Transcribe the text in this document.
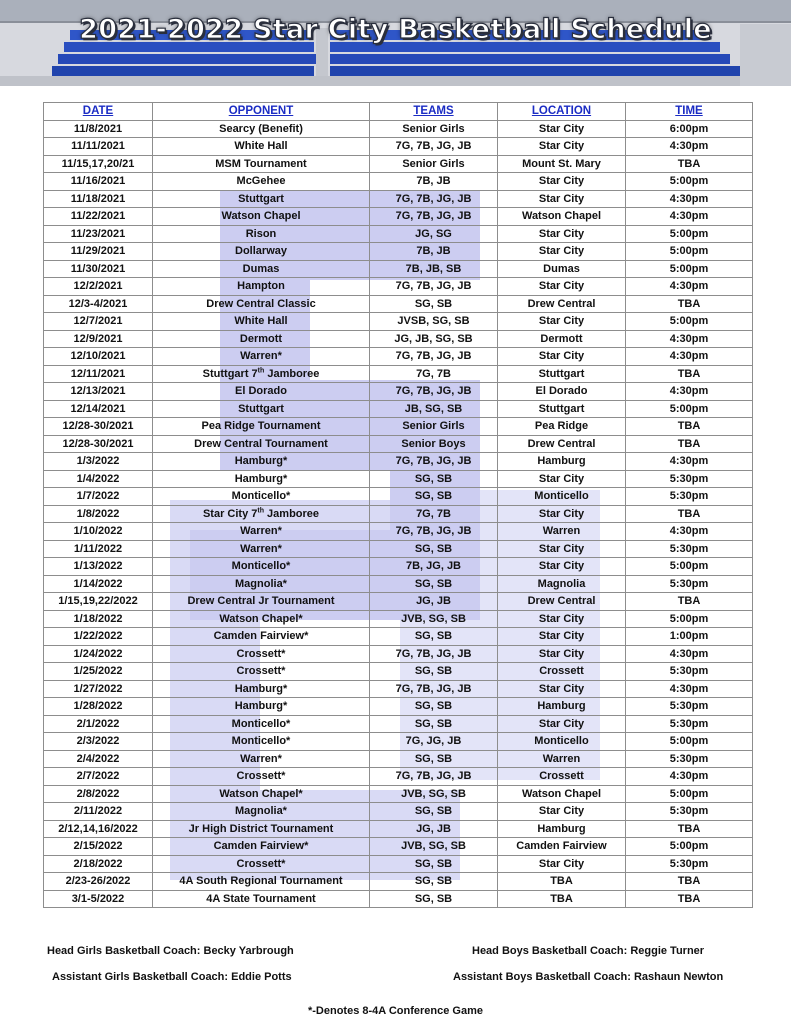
2021-2022 Star City Basketball Schedule
DATE	OPPONENT	TEAMS	LOCATION	TIME
11/8/2021	Searcy (Benefit)	Senior Girls	Star City	6:00pm
11/11/2021	White Hall	7G, 7B, JG, JB	Star City	4:30pm
11/15,17,20/21	MSM Tournament	Senior Girls	Mount St. Mary	TBA
11/16/2021	McGehee	7B, JB	Star City	5:00pm
11/18/2021	Stuttgart	7G, 7B, JG, JB	Star City	4:30pm
11/22/2021	Watson Chapel	7G, 7B, JG, JB	Watson Chapel	4:30pm
11/23/2021	Rison	JG, SG	Star City	5:00pm
11/29/2021	Dollarway	7B, JB	Star City	5:00pm
11/30/2021	Dumas	7B, JB, SB	Dumas	5:00pm
12/2/2021	Hampton	7G, 7B, JG, JB	Star City	4:30pm
12/3-4/2021	Drew Central Classic	SG, SB	Drew Central	TBA
12/7/2021	White Hall	JVSB, SG, SB	Star City	5:00pm
12/9/2021	Dermott	JG, JB, SG, SB	Dermott	4:30pm
12/10/2021	Warren*	7G, 7B, JG, JB	Star City	4:30pm
12/11/2021	Stuttgart 7th Jamboree	7G, 7B	Stuttgart	TBA
12/13/2021	El Dorado	7G, 7B, JG, JB	El Dorado	4:30pm
12/14/2021	Stuttgart	JB, SG, SB	Stuttgart	5:00pm
12/28-30/2021	Pea Ridge Tournament	Senior Girls	Pea Ridge	TBA
12/28-30/2021	Drew Central Tournament	Senior Boys	Drew Central	TBA
1/3/2022	Hamburg*	7G, 7B, JG, JB	Hamburg	4:30pm
1/4/2022	Hamburg*	SG, SB	Star City	5:30pm
1/7/2022	Monticello*	SG, SB	Monticello	5:30pm
1/8/2022	Star City 7th Jamboree	7G, 7B	Star City	TBA
1/10/2022	Warren*	7G, 7B, JG, JB	Warren	4:30pm
1/11/2022	Warren*	SG, SB	Star City	5:30pm
1/13/2022	Monticello*	7B, JG, JB	Star City	5:00pm
1/14/2022	Magnolia*	SG, SB	Magnolia	5:30pm
1/15,19,22/2022	Drew Central Jr Tournament	JG, JB	Drew Central	TBA
1/18/2022	Watson Chapel*	JVB, SG, SB	Star City	5:00pm
1/22/2022	Camden Fairview*	SG, SB	Star City	1:00pm
1/24/2022	Crossett*	7G, 7B, JG, JB	Star City	4:30pm
1/25/2022	Crossett*	SG, SB	Crossett	5:30pm
1/27/2022	Hamburg*	7G, 7B, JG, JB	Star City	4:30pm
1/28/2022	Hamburg*	SG, SB	Hamburg	5:30pm
2/1/2022	Monticello*	SG, SB	Star City	5:30pm
2/3/2022	Monticello*	7G, JG, JB	Monticello	5:00pm
2/4/2022	Warren*	SG, SB	Warren	5:30pm
2/7/2022	Crossett*	7G, 7B, JG, JB	Crossett	4:30pm
2/8/2022	Watson Chapel*	JVB, SG, SB	Watson Chapel	5:00pm
2/11/2022	Magnolia*	SG, SB	Star City	5:30pm
2/12,14,16/2022	Jr High District Tournament	JG, JB	Hamburg	TBA
2/15/2022	Camden Fairview*	JVB, SG, SB	Camden Fairview	5:00pm
2/18/2022	Crossett*	SG, SB	Star City	5:30pm
2/23-26/2022	4A South Regional Tournament	SG, SB	TBA	TBA
3/1-5/2022	4A State Tournament	SG, SB	TBA	TBA
Head Girls Basketball Coach: Becky Yarbrough
Assistant Girls Basketball Coach: Eddie Potts
Head Boys Basketball Coach: Reggie Turner
Assistant Boys Basketball Coach: Rashaun Newton
*-Denotes 8-4A Conference Game
